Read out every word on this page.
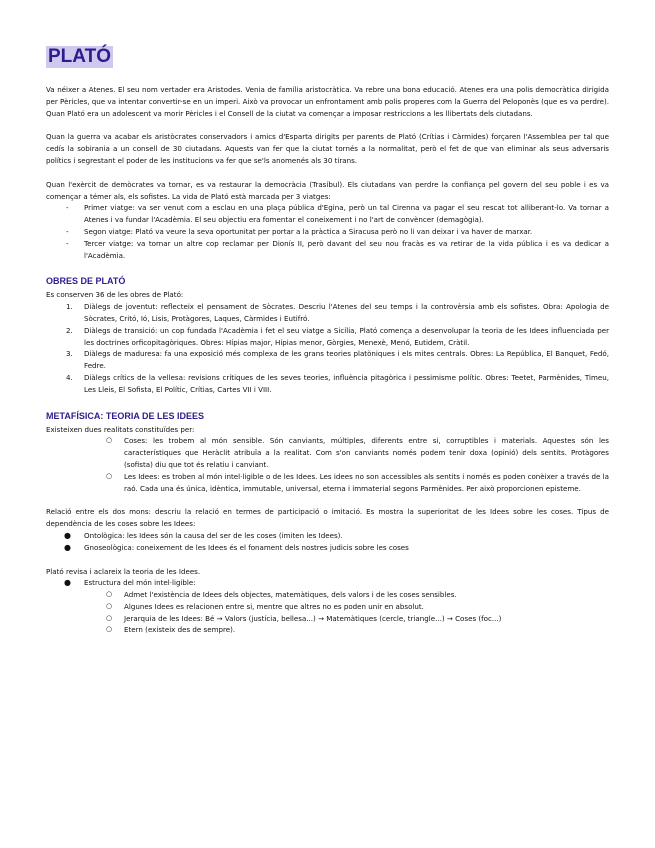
PLATÓ

Va néixer a Atenes. El seu nom vertader era Aristodes. Venia de família aristocràtica. Va rebre una bona educació. Atenes era una polis democràtica dirigida per Pèricles, que va intentar convertir-se en un imperi. Això va provocar un enfrontament amb polis properes com la Guerra del Peloponès (que es va perdre). Quan Plató era un adolescent va morir Pèricles i el Consell de la ciutat va començar a imposar restriccions a les llibertats dels ciutadans.

Quan la guerra va acabar els aristòcrates conservadors i amics d'Esparta dirigits per parents de Plató (Crítias i Càrmides) forçaren l'Assemblea per tal que cedís la sobirania a un consell de 30 ciutadans. Aquests van fer que la ciutat tornés a la normalitat, però el fet de que van eliminar als seus adversaris polítics i segrestant el poder de les institucions va fer que se'ls anomenés als 30 tirans.

Quan l'exèrcit de demòcrates va tornar, es va restaurar la democràcia (Trasíbul). Els ciutadans van perdre la confiança pel govern del seu poble i es va començar a témer als, els sofistes. La vida de Plató està marcada per 3 viatges:

- Primer viatge: va ser venut com a esclau en una plaça pública d'Egina, però un tal Cirenna va pagar el seu rescat tot alliberant-lo. Va tornar a Atenes i va fundar l'Acadèmia. El seu objectiu era fomentar el coneixement i no l'art de convèncer (demagògia).
- Segon viatge: Plató va veure la seva oportunitat per portar a la pràctica a Siracusa però no li van deixar i va haver de marxar.
- Tercer viatge: va tornar un altre cop reclamar per Dionís II, però davant del seu nou fracàs es va retirar de la vida pública i es va dedicar a l'Acadèmia.
OBRES DE PLATÓ

Es conserven 36 de les obres de Plató:

1. Diàlegs de joventut: reflecteix el pensament de Sòcrates. Descriu l'Atenes del seu temps i la controvèrsia amb els sofistes. Obra: Apologia de Sòcrates, Critó, Ió, Lisis, Protàgores, Laques, Càrmides i Eutifró.
2. Diàlegs de transició: un cop fundada l'Acadèmia i fet el seu viatge a Sicília, Plató comença a desenvolupar la teoria de les Idees influenciada per les doctrines orficopitagòriques. Obres: Hípias major, Hípias menor, Gòrgies, Menexè, Menó, Eutidem, Cràtil.
3. Diàlegs de maduresa: fa una exposició més complexa de les grans teories platòniques i els mites centrals. Obres: La República, El Banquet, Fedó, Fedre.
4. Diàlegs crítics de la vellesa: revisions crítiques de les seves teories, influència pitagòrica i pessimisme polític. Obres: Teetet, Parmènides, Timeu, Les Lleis, El Sofista, El Polític, Crítias, Cartes VII i VIII.
METAFÍSICA: TEORIA DE LES IDEES

Existeixen dues realitats constituïdes per:

○ Coses: les trobem al món sensible. Són canviants, múltiples, diferents entre si, corruptibles i materials. Aquestes són les característiques que Heràclit atribuïa a la realitat. Com s'on canviants només podem tenir doxa (opinió) dels sentits. Protàgores (sofista) diu que tot és relatiu i canviant.
○ Les Idees: es troben al món intel·ligible o de les Idees. Les idees no son accessibles als sentits i només es poden conèixer a través de la raó. Cada una és única, idèntica, immutable, universal, eterna i immaterial segons Parmènides. Per això proporcionen episteme.

Relació entre els dos mons: descriu la relació en termes de participació o imitació. Es mostra la superioritat de les Idees sobre les coses. Tipus de dependència de les coses sobre les Idees:

● Ontològica: les Idees són la causa del ser de les coses (imiten les Idees).
● Gnoseològica: coneixement de les Idees és el fonament dels nostres judicis sobre les coses

Plató revisa i aclareix la teoria de les Idees.

● Estructura del món intel·ligible:
○ Admet l'existència de Idees dels objectes, matemàtiques, dels valors i de les coses sensibles.
○ Algunes Idees es relacionen entre si, mentre que altres no es poden unir en absolut.
○ Jerarquia de les Idees: Bé → Valors (justícia, bellesa...) → Matemàtiques (cercle, triangle...) → Coses (foc...)
○ Etern (existeix des de sempre).
